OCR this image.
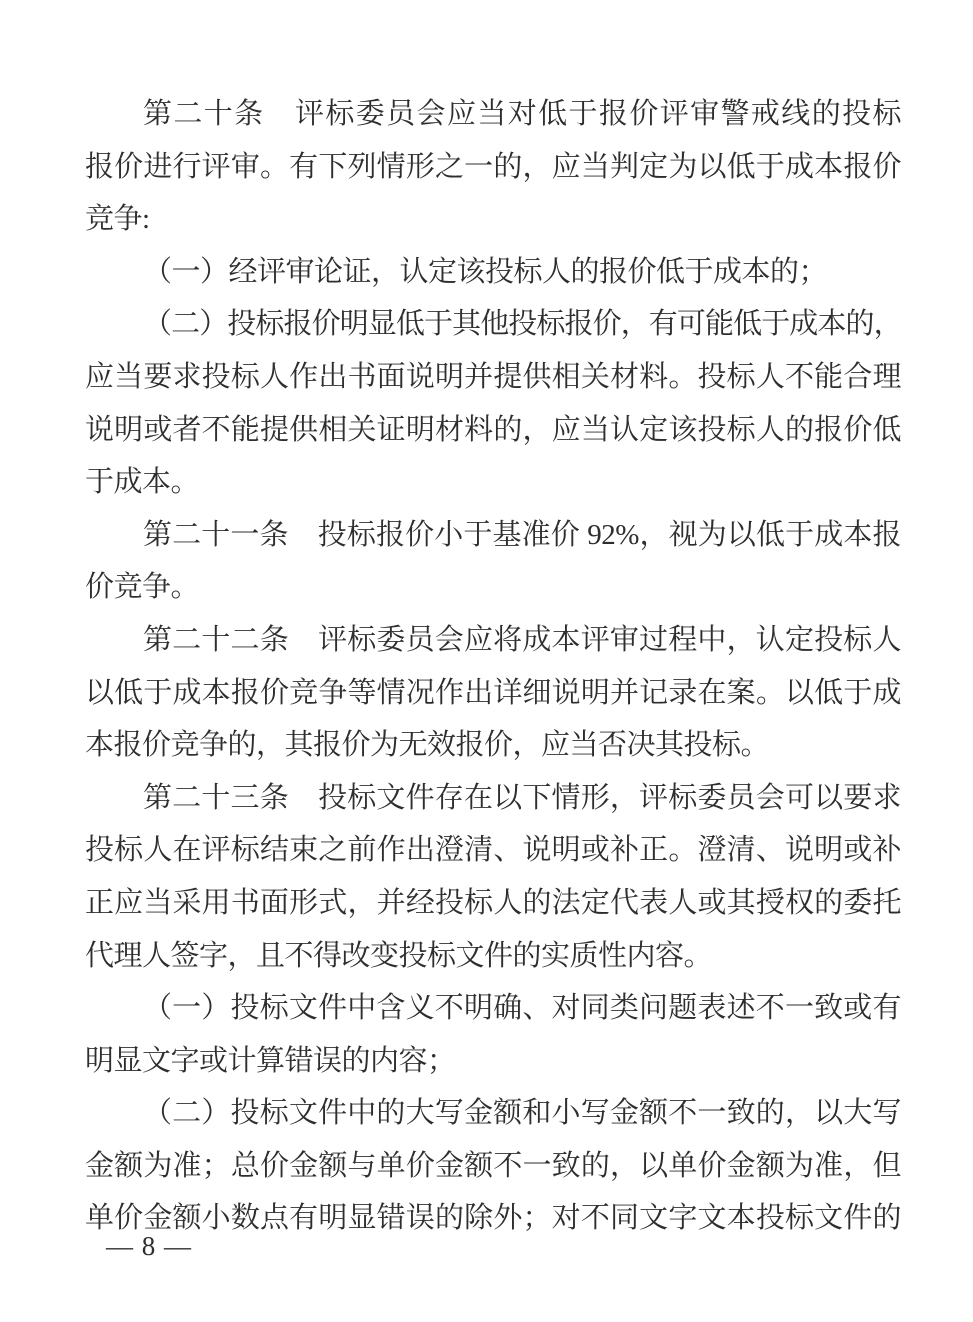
第二十条　评标委员会应当对低于报价评审警戒线的投标
报价进行评审。有下列情形之一的，应当判定为以低于成本报价
竞争:
（一）经评审论证，认定该投标人的报价低于成本的；
（二）投标报价明显低于其他投标报价，有可能低于成本的，
应当要求投标人作出书面说明并提供相关材料。投标人不能合理
说明或者不能提供相关证明材料的，应当认定该投标人的报价低
于成本。
第二十一条　投标报价小于基准价 92%，视为以低于成本报
价竞争。
第二十二条　评标委员会应将成本评审过程中，认定投标人
以低于成本报价竞争等情况作出详细说明并记录在案。以低于成
本报价竞争的，其报价为无效报价，应当否决其投标。
第二十三条　投标文件存在以下情形，评标委员会可以要求
投标人在评标结束之前作出澄清、说明或补正。澄清、说明或补
正应当采用书面形式，并经投标人的法定代表人或其授权的委托
代理人签字，且不得改变投标文件的实质性内容。
（一）投标文件中含义不明确、对同类问题表述不一致或有
明显文字或计算错误的内容；
（二）投标文件中的大写金额和小写金额不一致的，以大写
金额为准；总价金额与单价金额不一致的，以单价金额为准，但
单价金额小数点有明显错误的除外；对不同文字文本投标文件的
— 8 —
